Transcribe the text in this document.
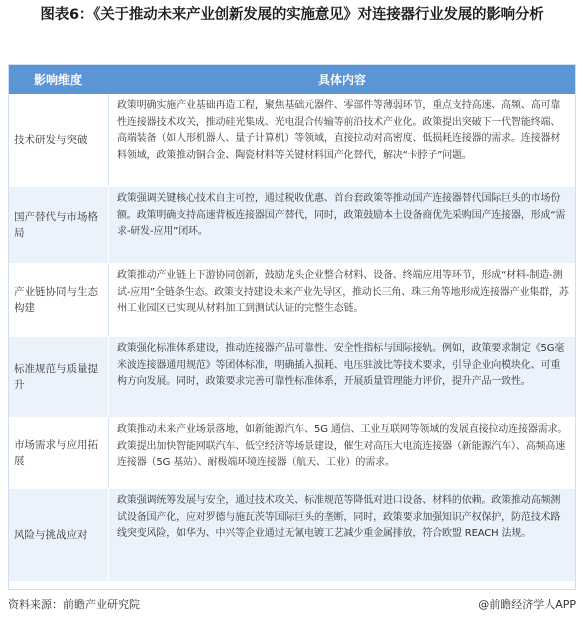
图表6：《关于推动未来产业创新发展的实施意见》对连接器行业发展的影响分析
影响维度	具体内容
技术研发与突破
政策明确实施产业基础再造工程，聚焦基础元器件、零部件等薄弱环节，重点支持高速、高频、高可靠性连接器技术攻关，推动硅光集成、光电混合传输等前沿技术产业化。政策提出突破下一代智能终端、高端装备（如人形机器人、量子计算机）等领域，直接拉动对高密度、低损耗连接器的需求。连接器材料领域，政策推动铜合金、陶瓷材料等关键材料国产化替代，解决“卡脖子”问题。
国产替代与市场格局
政策强调关键核心技术自主可控，通过税收优惠、首台套政策等推动国产连接器替代国际巨头的市场份额。政策明确支持高速背板连接器国产替代，同时，政策鼓励本土设备商优先采购国产连接器，形成“需求-研发-应用”闭环。
产业链协同与生态构建
政策推动产业链上下游协同创新，鼓励龙头企业整合材料、设备、终端应用等环节，形成“材料-制造-测试-应用”全链条生态。政策支持建设未来产业先导区，推动长三角、珠三角等地形成连接器产业集群，苏州工业园区已实现从材料加工到测试认证的完整生态链。
标准规范与质量提升
政策强化标准体系建设，推动连接器产品可靠性、安全性指标与国际接轨。例如，政策要求制定《5G毫米波连接器通用规范》等团体标准，明确插入损耗、电压驻波比等技术要求，引导企业向模块化、可重构方向发展。同时，政策要求完善可靠性标准体系，开展质量管理能力评价，提升产品一致性。
市场需求与应用拓展
政策推动未来产业场景落地，如新能源汽车、5G 通信、工业互联网等领域的发展直接拉动连接器需求。政策提出加快智能网联汽车、低空经济等场景建设，催生对高压大电流连接器（新能源汽车）、高频高速连接器（5G 基站）、耐极端环境连接器（航天、工业）的需求。
风险与挑战应对
政策强调统筹发展与安全，通过技术攻关、标准规范等降低对进口设备、材料的依赖。政策推动高频测试设备国产化，应对罗德与施瓦茨等国际巨头的垄断，同时，政策要求加强知识产权保护，防范技术路线突变风险，如华为、中兴等企业通过无氰电镀工艺减少重金属排放，符合欧盟 REACH 法规。
资料来源：前瞻产业研究院	@前瞻经济学人APP
